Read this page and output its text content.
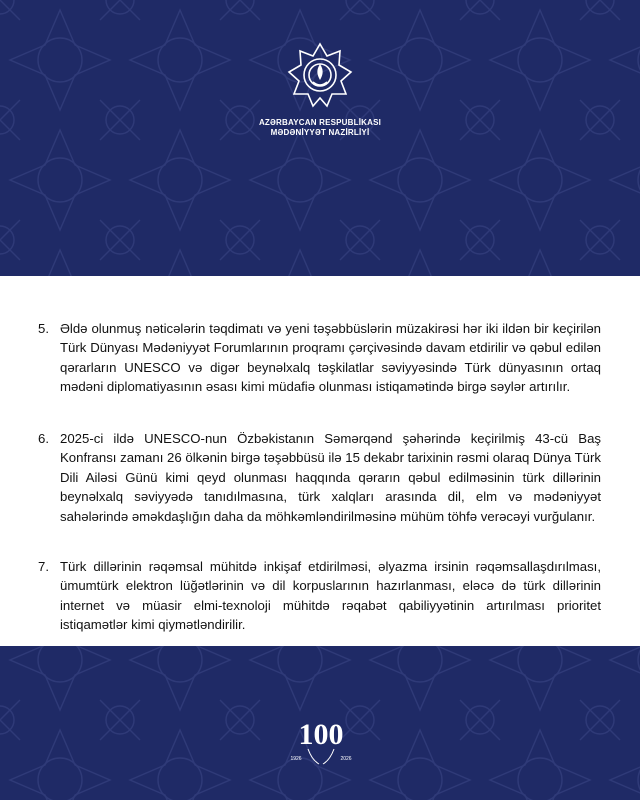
AZƏRBAYCAN RESPUBLİKASI
MƏDƏNİYYƏT NAZİRLİYİ
5. Əldə olunmuş nəticələrin təqdimatı və yeni təşəbbüslərin müzakirəsi hər iki ildən bir keçirilən Türk Dünyası Mədəniyyət Forumlarının proqramı çərçivəsində davam etdirilir və qəbul edilən qərarların UNESCO və digər beynəlxalq təşkilatlar səviyyəsində Türk dünyasının ortaq mədəni diplomatiyasının əsası kimi müdafiə olunması istiqamətində birgə səylər artırılır.
6. 2025-ci ildə UNESCO-nun Özbəkistanın Səmərqənd şəhərində keçirilmiş 43-cü Baş Konfransı zamanı 26 ölkənin birgə təşəbbüsü ilə 15 dekabr tarixinin rəsmi olaraq Dünya Türk Dili Ailəsi Günü kimi qeyd olunması haqqında qərarın qəbul edilməsinin türk dillərinin beynəlxalq səviyyədə tanıdılmasına, türk xalqları arasında dil, elm və mədəniyyət sahələrində əməkdaşlığın daha da möhkəmləndirilməsinə mühüm töhfə verəcəyi vurğulanır.
7. Türk dillərinin rəqəmsal mühitdə inkişaf etdirilməsi, əlyazma irsinin rəqəmsallaşdırılması, ümumtürk elektron lüğətlərinin və dil korpuslarının hazırlanması, eləcə də türk dillərinin internet və müasir elmi-texnoloji mühitdə rəqabət qabiliyyətinin artırılması prioritet istiqamətlər kimi qiymətləndirilir.
100
1926	2026
